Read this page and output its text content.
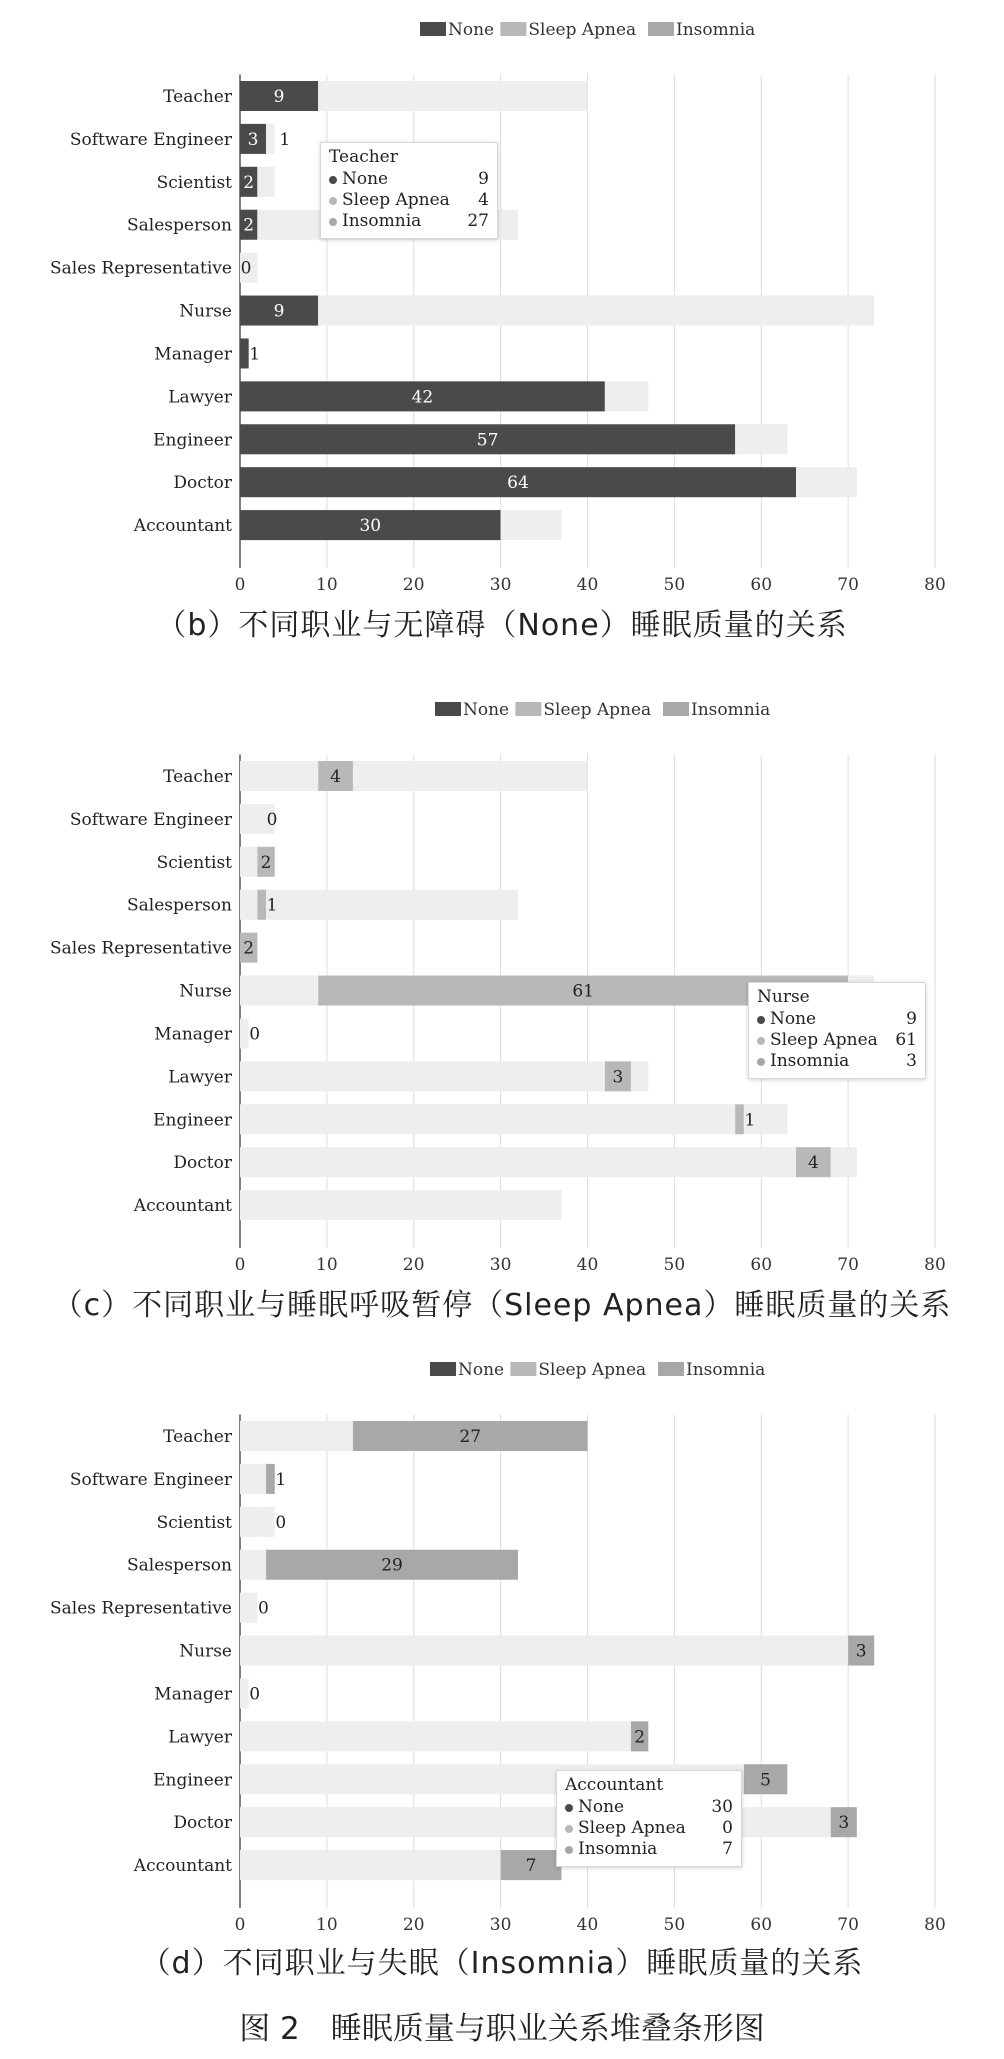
0	10	20	30	40	50	60	70	80
None Sleep Apnea Insomnia
Teacher 9
Software Engineer 3
Scientist 2
Salesperson 2
Sales Representative 0
Nurse 9
Manager 1
Lawyer	42
Engineer	57
Doctor	64
Accountant	30
1
Teacher
None	9
Sleep Apnea	4
Insomnia	27
（b）不同职业与无障碍（None）睡眠质量的关系
0	10	20	30	40	50	60	70	80
None Sleep Apnea Insomnia
Teacher	4
Software Engineer 0
Scientist 2
Salesperson 1
Sales Representative 2
Nurse	61
Manager 0
Lawyer	3
Engineer	1
Doctor	4
Accountant
Nurse
None	9
Sleep Apnea	61
Insomnia	3
（c）不同职业与睡眠呼吸暂停（Sleep Apnea）睡眠质量的关系
0	10	20	30	40	50	60	70	80
None Sleep Apnea Insomnia
Teacher	27
Software Engineer	1
Scientist	0
Salesperson	29
Sales Representative 0
Nurse	3
Manager 0
Lawyer	2
Engineer	5
Doctor	3
Accountant	7
Accountant
None	30
Sleep Apnea	0
Insomnia	7
（d）不同职业与失眠（Insomnia）睡眠质量的关系
图 2　睡眠质量与职业关系堆叠条形图
